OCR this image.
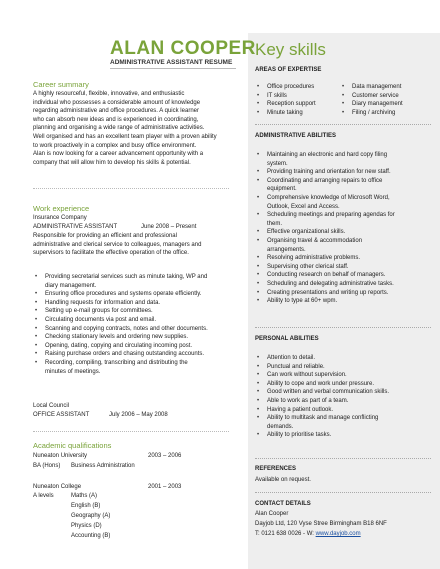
ALAN COOPER
ADMINISTRATIVE ASSISTANT RESUME
Career summary
A highly resourceful, flexible, innovative, and enthusiastic
individual who possesses a considerable amount of knowledge
regarding administrative and office procedures. A quick learner
who can absorb new ideas and is experienced in coordinating,
planning and organising a wide range of administrative activities.
Well organised and has an excellent team player with a proven ability
to work proactively in a complex and busy office environment.
Alan is now looking for a career advancement opportunity with a
company that will allow him to develop his skills & potential.
Work experience
Insurance Company
ADMINISTRATIVE ASSISTANT	June 2008 – Present
Responsible for providing an efficient and professional
administrative and clerical service to colleagues, managers and
supervisors to facilitate the effective operation of the office.
• Providing secretarial services such as minute taking, WP and
diary management.
• Ensuring office procedures and systems operate efficiently.
• Handling requests for information and data.
• Setting up e-mail groups for committees.
• Circulating documents via post and email.
• Scanning and copying contracts, notes and other documents.
• Checking stationary levels and ordering new supplies.
• Opening, dating, copying and circulating incoming post.
• Raising purchase orders and chasing outstanding accounts.
• Recording, compiling, transcribing and distributing the
minutes of meetings.
Local Council
OFFICE ASSISTANT	July 2006 – May 2008
Academic qualifications
Nuneaton University	2003 – 2006
BA (Hons) Business Administration
Nuneaton College	2001 – 2003
A levels	Maths (A)
English (B)
Geography (A)
Physics (D)
Accounting (B)
Key skills
AREAS OF EXPERTISE
• Office procedures
• IT skills
• Reception support
• Minute taking
• Data management
• Customer service
• Diary management
• Filing / archiving
ADMINISTRATIVE ABILITIES
• Maintaining an electronic and hard copy filing
system.
• Providing training and orientation for new staff.
• Coordinating and arranging repairs to office
equipment.
• Comprehensive knowledge of Microsoft Word,
Outlook, Excel and Access.
• Scheduling meetings and preparing agendas for
them.
• Effective organizational skills.
• Organising travel & accommodation
arrangements.
• Resolving administrative problems.
• Supervising other clerical staff.
• Conducting research on behalf of managers.
• Scheduling and delegating administrative tasks.
• Creating presentations and writing up reports.
• Ability to type at 60+ wpm.
PERSONAL ABILITIES
• Attention to detail.
• Punctual and reliable.
• Can work without supervision.
• Ability to cope and work under pressure.
• Good written and verbal communication skills.
• Able to work as part of a team.
• Having a patient outlook.
• Ability to multitask and manage conflicting
demands.
• Ability to prioritise tasks.
REFERENCES
Available on request.
CONTACT DETAILS
Alan Cooper
Dayjob Ltd, 120 Vyse Stree Birmingham B18 6NF
T: 0121 638 0026 - W: www.dayjob.com
